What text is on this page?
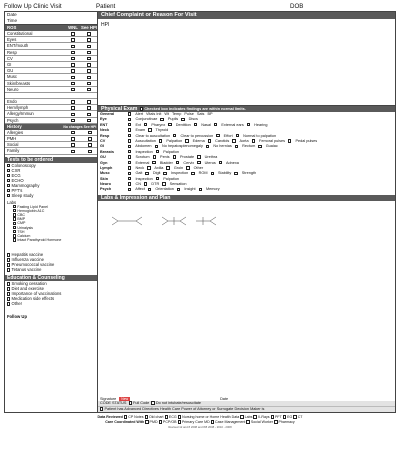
Follow Up Clinic Visit	Patient	DOB
Date
Time
ROS	WNL See HPI
Constitutional
Eyes
ENT/mouth
Resp
CV
GI
GU
Musc
Skin/breasts
Neuro
Endo
Hem/lymph
Allergy/Immun
Psych
History	No changes See HPI
Allergies
PMH
Social
Family
Tests to be ordered
Colonoscopy
CXR
ECG
ECHO
Mammography
PFT's
Sleep study
Labs
Fasting Lipid Panel
Hemoglobin A1C
CBC
BMP
CMP
Urinalysis
TSH
Calcium
Intact Parathyroid Hormone
Hepatitis vaccine
Influenza vaccine
Pneumococcal vaccine
Tetanus vaccine
Education & Counseling
Smoking cessation
Diet and exercise
Importance of vaccinations
Medication side effects
Other
Follow Up
Chief Complaint or Reason For Visit
HPI
Physical Exam Checked box indicates findings are within normal limits.
General	Alert Vitals Init Wt Temp Pulse Sats BP
Eye	Conjunctivae Pupils Discs
ENT	Ext Pharynx Dentition Nasal External ears Hearing
Neck	Exam Thyroid
Resp	Clear to auscultation Clear to percussion Effort Normal to palpation
CV	Auscultation Palpation Edema Carotids Aorta Femoral pulses Pedal pulses
GI	Abdomen No hepatosplenomegaly No hernias Rectum Guaiac
Breasts	Inspection Palpation
GU	Scrotum Penis Prostate Urethra
Gyn	External Bladder Cervix Uterus Adnexa
Lymph	Neck Axilla Groin Other
Musc	Gait Digit Inspection ROM Stability Strength
Skin	Inspection Palpation
Neuro	CN DTR Sensation
Psych	Affect Orientation Insight Memory
Labs & Impression and Plan
Signature	New	Date
CODE STATUS Full Code Do not intubate/resuscitate
Patient has Advanced Directives Health Care Power of Attorney or Surrogate Decision Maker is
Data Reviewed  CP Notes  Old chart  ECG  Nursing home or Home Health Data  Labs  X-Rays  PFT  EG  CT
Care Coordinated With  PMD  PCP/OB  Primary Care MD  Case Management  Social Worker  Pharmacy
Revised 12 and 8 2008 and 8/8 2008 - 2010 - 2008
